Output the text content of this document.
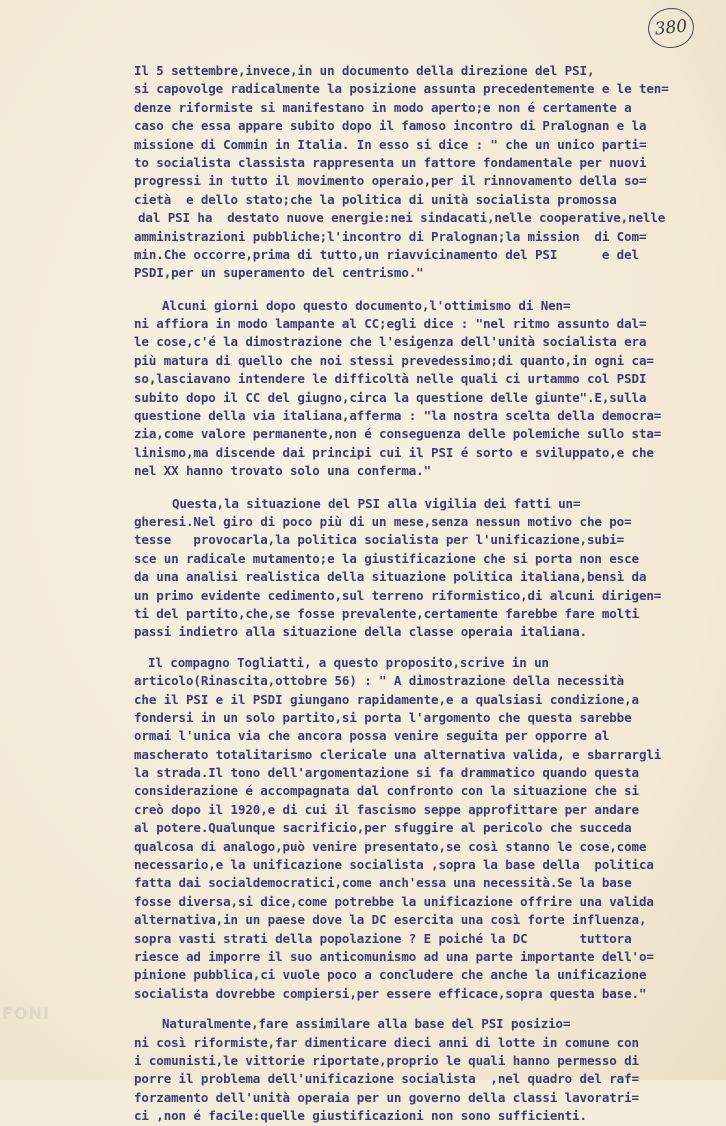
380
Il 5 settembre,invece,in un documento della direzione del PSI,
si capovolge radicalmente la posizione assunta precedentemente e le ten=
denze riformiste si manifestano in modo aperto;e non é certamente a
caso che essa appare subito dopo il famoso incontro di Pralognan e la
missione di Commin in Italia. In esso si dice : " che un unico parti=
to socialista classista rappresenta un fattore fondamentale per nuovi
progressi in tutto il movimento operaio,per il rinnovamento della so=
cietà  e dello stato;che la politica di unità socialista promossa
dal PSI ha  destato nuove energie:nei sindacati,nelle cooperative,nelle
amministrazioni pubbliche;l'incontro di Pralognan;la mission  di Com=
min.Che occorre,prima di tutto,un riavvicinamento del PSI      e del
PSDI,per un superamento del centrismo."
Alcuni giorni dopo questo documento,l'ottimismo di Nen=
ni affiora in modo lampante al CC;egli dice : "nel ritmo assunto dal=
le cose,c'é la dimostrazione che l'esigenza dell'unità socialista era
più matura di quello che noi stessi prevedessimo;di quanto,in ogni ca=
so,lasciavano intendere le difficoltà nelle quali ci urtammo col PSDI
subito dopo il CC del giugno,circa la questione delle giunte".E,sulla
questione della via italiana,afferma : "la nostra scelta della democra=
zia,come valore permanente,non é conseguenza delle polemiche sullo sta=
linismo,ma discende dai principi cui il PSI é sorto e sviluppato,e che
nel XX hanno trovato solo una conferma."
Questa,la situazione del PSI alla vigilia dei fatti un=
gheresi.Nel giro di poco più di un mese,senza nessun motivo che po=
tesse   provocarla,la politica socialista per l'unificazione,subi=
sce un radicale mutamento;e la giustificazione che si porta non esce
da una analisi realistica della situazione politica italiana,bensì da
un primo evidente cedimento,sul terreno riformistico,di alcuni dirigen=
ti del partito,che,se fosse prevalente,certamente farebbe fare molti
passi indietro alla situazione della classe operaia italiana.
Il compagno Togliatti, a questo proposito,scrive in un
articolo(Rinascita,ottobre 56) : " A dimostrazione della necessità
che il PSI e il PSDI giungano rapidamente,e a qualsiasi condizione,a
fondersi in un solo partito,si porta l'argomento che questa sarebbe
ormai l'unica via che ancora possa venire seguita per opporre al
mascherato totalitarismo clericale una alternativa valida, e sbarrargli
la strada.Il tono dell'argomentazione si fa drammatico quando questa
considerazione é accompagnata dal confronto con la situazione che si
creò dopo il 1920,e di cui il fascismo seppe approfittare per andare
al potere.Qualunque sacrificio,per sfuggire al pericolo che succeda
qualcosa di analogo,può venire presentato,se così stanno le cose,come
necessario,e la unificazione socialista ,sopra la base della  politica
fatta dai socialdemocratici,come anch'essa una necessità.Se la base
fosse diversa,si dice,come potrebbe la unificazione offrire una valida
alternativa,in un paese dove la DC esercita una così forte influenza,
sopra vasti strati della popolazione ? E poiché la DC       tuttora
riesce ad imporre il suo anticomunismo ad una parte importante dell'o=
pinione pubblica,ci vuole poco a concludere che anche la unificazione
socialista dovrebbe compiersi,per essere efficace,sopra questa base."
Naturalmente,fare assimilare alla base del PSI posizio=
ni così riformiste,far dimenticare dieci anni di lotte in comune con
i comunisti,le vittorie riportate,proprio le quali hanno permesso di
porre il problema dell'unificazione socialista  ,nel quadro del raf=
forzamento dell'unità operaia per un governo della classi lavoratri=
ci ,non é facile:quelle giustificazioni non sono sufficienti.
FONI
